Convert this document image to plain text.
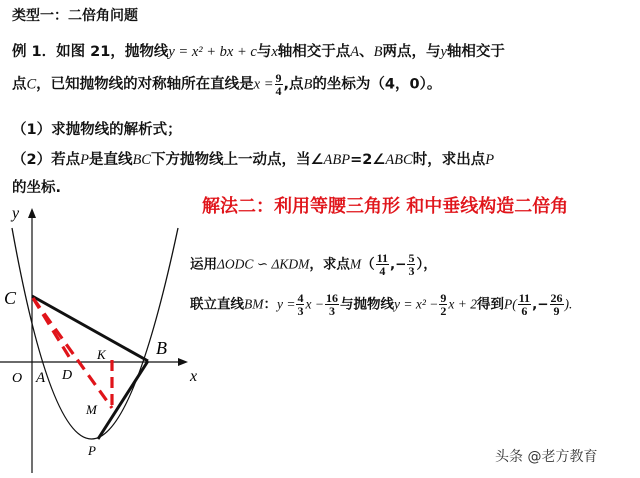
类型一：二倍角问题
例 1．如图 21，抛物线y = x² + bx + c与x轴相交于点A、B两点，与y轴相交于
点C，已知抛物线的对称轴所在直线是$x = \frac{9}{4}$ ,点B的坐标为（4，0）。
（1）求抛物线的解析式；
（2）若点P是直线BC下方抛物线上一动点，当∠ABP=2∠ABC时，求出点P
的坐标.
解法二：利用等腰三角形 和中垂线构造二倍角
运用ΔODC ∽ ΔKDM，求点$M( \frac{11}{4}$ ,− $\frac{5}{3}$ ），
联立直线BM：$y = \frac{4}{3}$ $x - \frac{16}{3}$ 与抛物线$y = x^2 - \frac{9}{2}$ x + 2得到$P( \frac{11}{6}$ ,− $\frac{26}{9}$ ).
y
x
O A D
K
M
P
C
B
头条 @老方教育
